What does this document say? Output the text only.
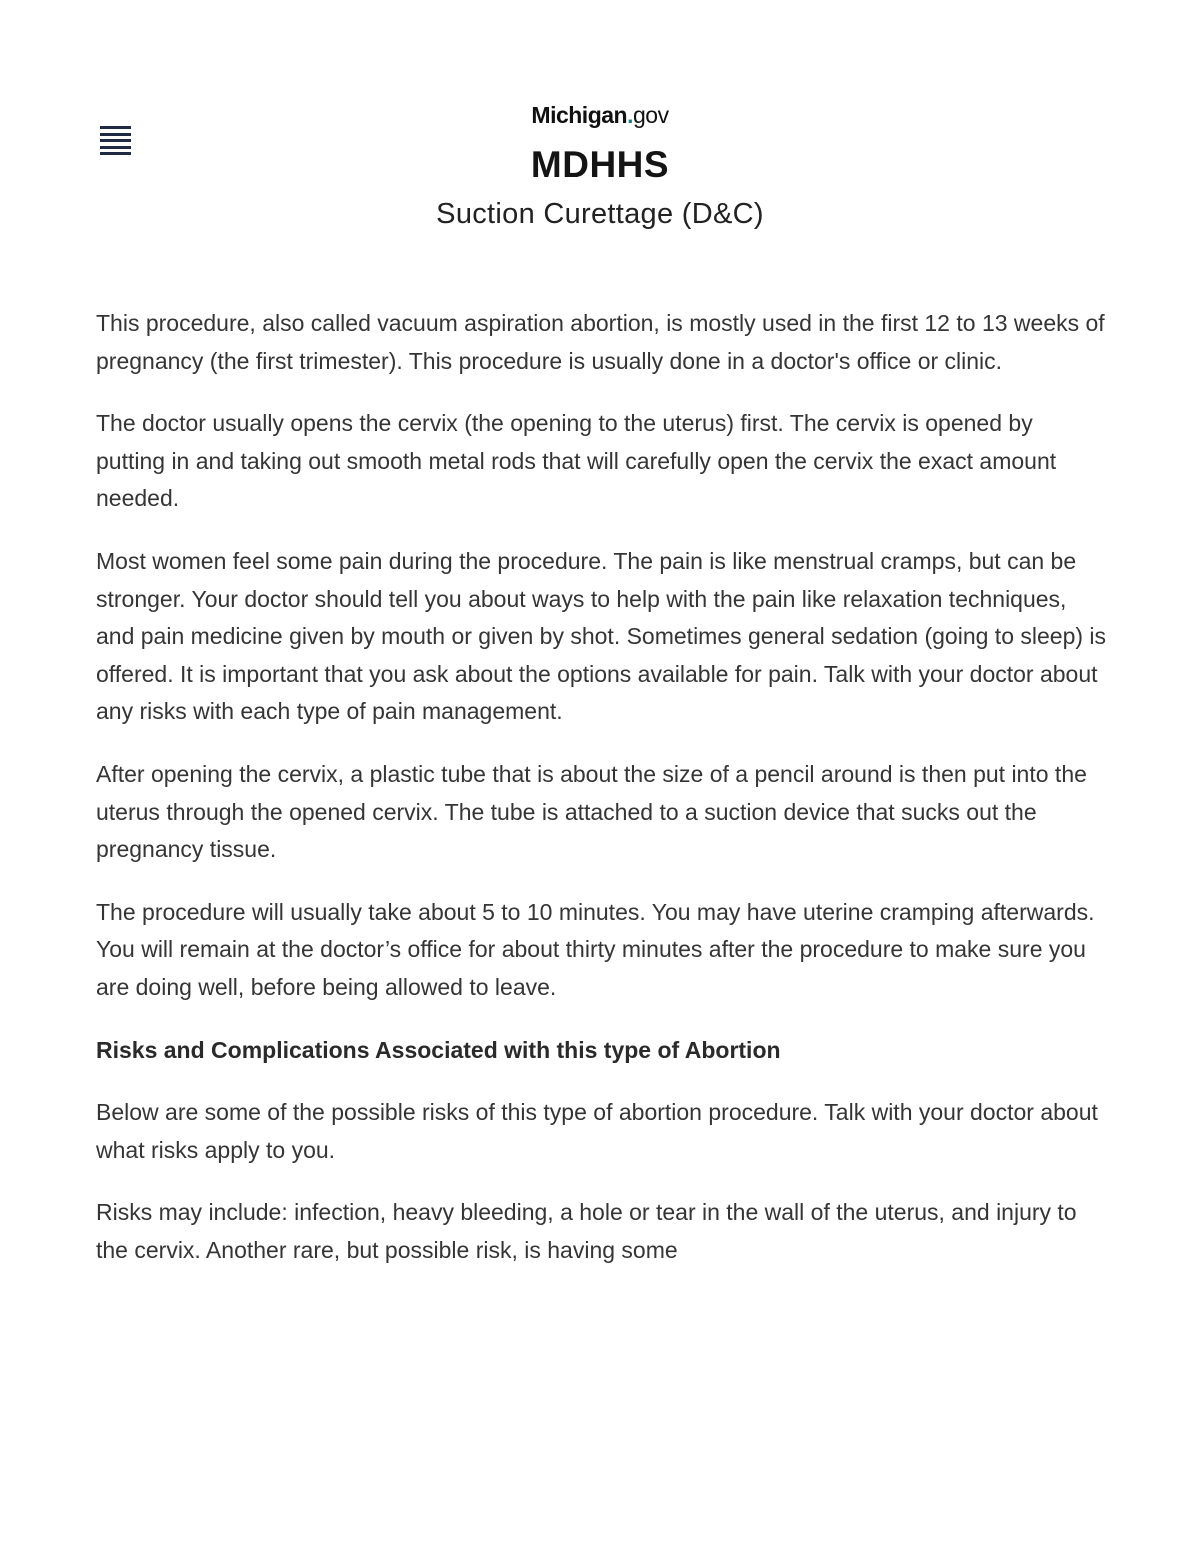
Michigan.gov
MDHHS
Suction Curettage (D&C)

This procedure, also called vacuum aspiration abortion, is mostly used in the first 12 to 13 weeks of pregnancy (the first trimester). This procedure is usually done in a doctor's office or clinic.

The doctor usually opens the cervix (the opening to the uterus) first. The cervix is opened by putting in and taking out smooth metal rods that will carefully open the cervix the exact amount needed.

Most women feel some pain during the procedure. The pain is like menstrual cramps, but can be stronger. Your doctor should tell you about ways to help with the pain like relaxation techniques, and pain medicine given by mouth or given by shot. Sometimes general sedation (going to sleep) is offered. It is important that you ask about the options available for pain. Talk with your doctor about any risks with each type of pain management.

After opening the cervix, a plastic tube that is about the size of a pencil around is then put into the uterus through the opened cervix. The tube is attached to a suction device that sucks out the pregnancy tissue.

The procedure will usually take about 5 to 10 minutes. You may have uterine cramping afterwards. You will remain at the doctor’s office for about thirty minutes after the procedure to make sure you are doing well, before being allowed to leave.

Risks and Complications Associated with this type of Abortion

Below are some of the possible risks of this type of abortion procedure. Talk with your doctor about what risks apply to you.

Risks may include: infection, heavy bleeding, a hole or tear in the wall of the uterus, and injury to the cervix. Another rare, but possible risk, is having some
